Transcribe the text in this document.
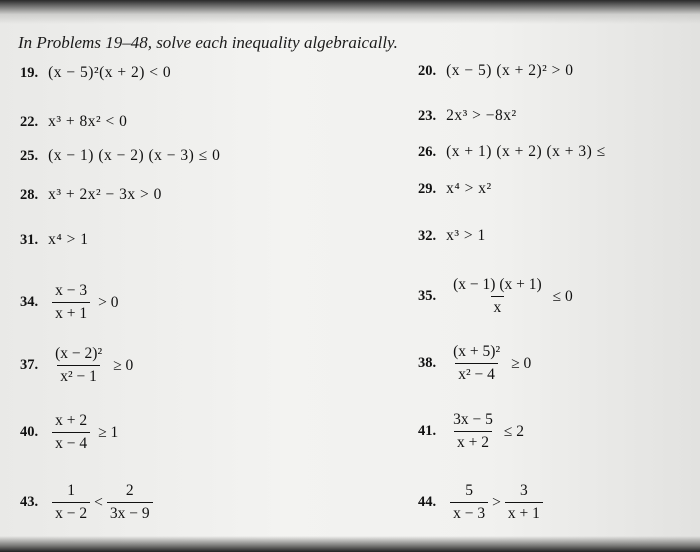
In Problems 19–48, solve each inequality algebraically.
19. (x − 5)²(x + 2) < 0	20. (x − 5) (x + 2)² > 0
22. x³ + 8x² < 0	23. 2x³ > −8x²
25. (x − 1) (x − 2) (x − 3) ≤ 0	26. (x + 1) (x + 2) (x + 3) ≤
28. x³ + 2x² − 3x > 0	29. x⁴ > x²
31. x⁴ > 1	32. x³ > 1
34. $\frac{x - 3}{x + 1} > 0$	35. $\frac{(x - 1) (x + 1)}{x} \le 0$
37. $\frac{\text{(x − 2)²}}{\text{x² − 1}} \ge 0$	38. $\frac{\text{(x + 5)²}}{\text{x² − 4}} \ge 0$
40. $\frac{x + 2}{x - 4} \ge 1$	41. $\frac{3x - 5}{x + 2} \le 2$
43. $\frac{1}{x - 2} < \frac{2}{3x - 9}$	44. $\frac{5}{x - 3} > \frac{3}{x + 1}$
